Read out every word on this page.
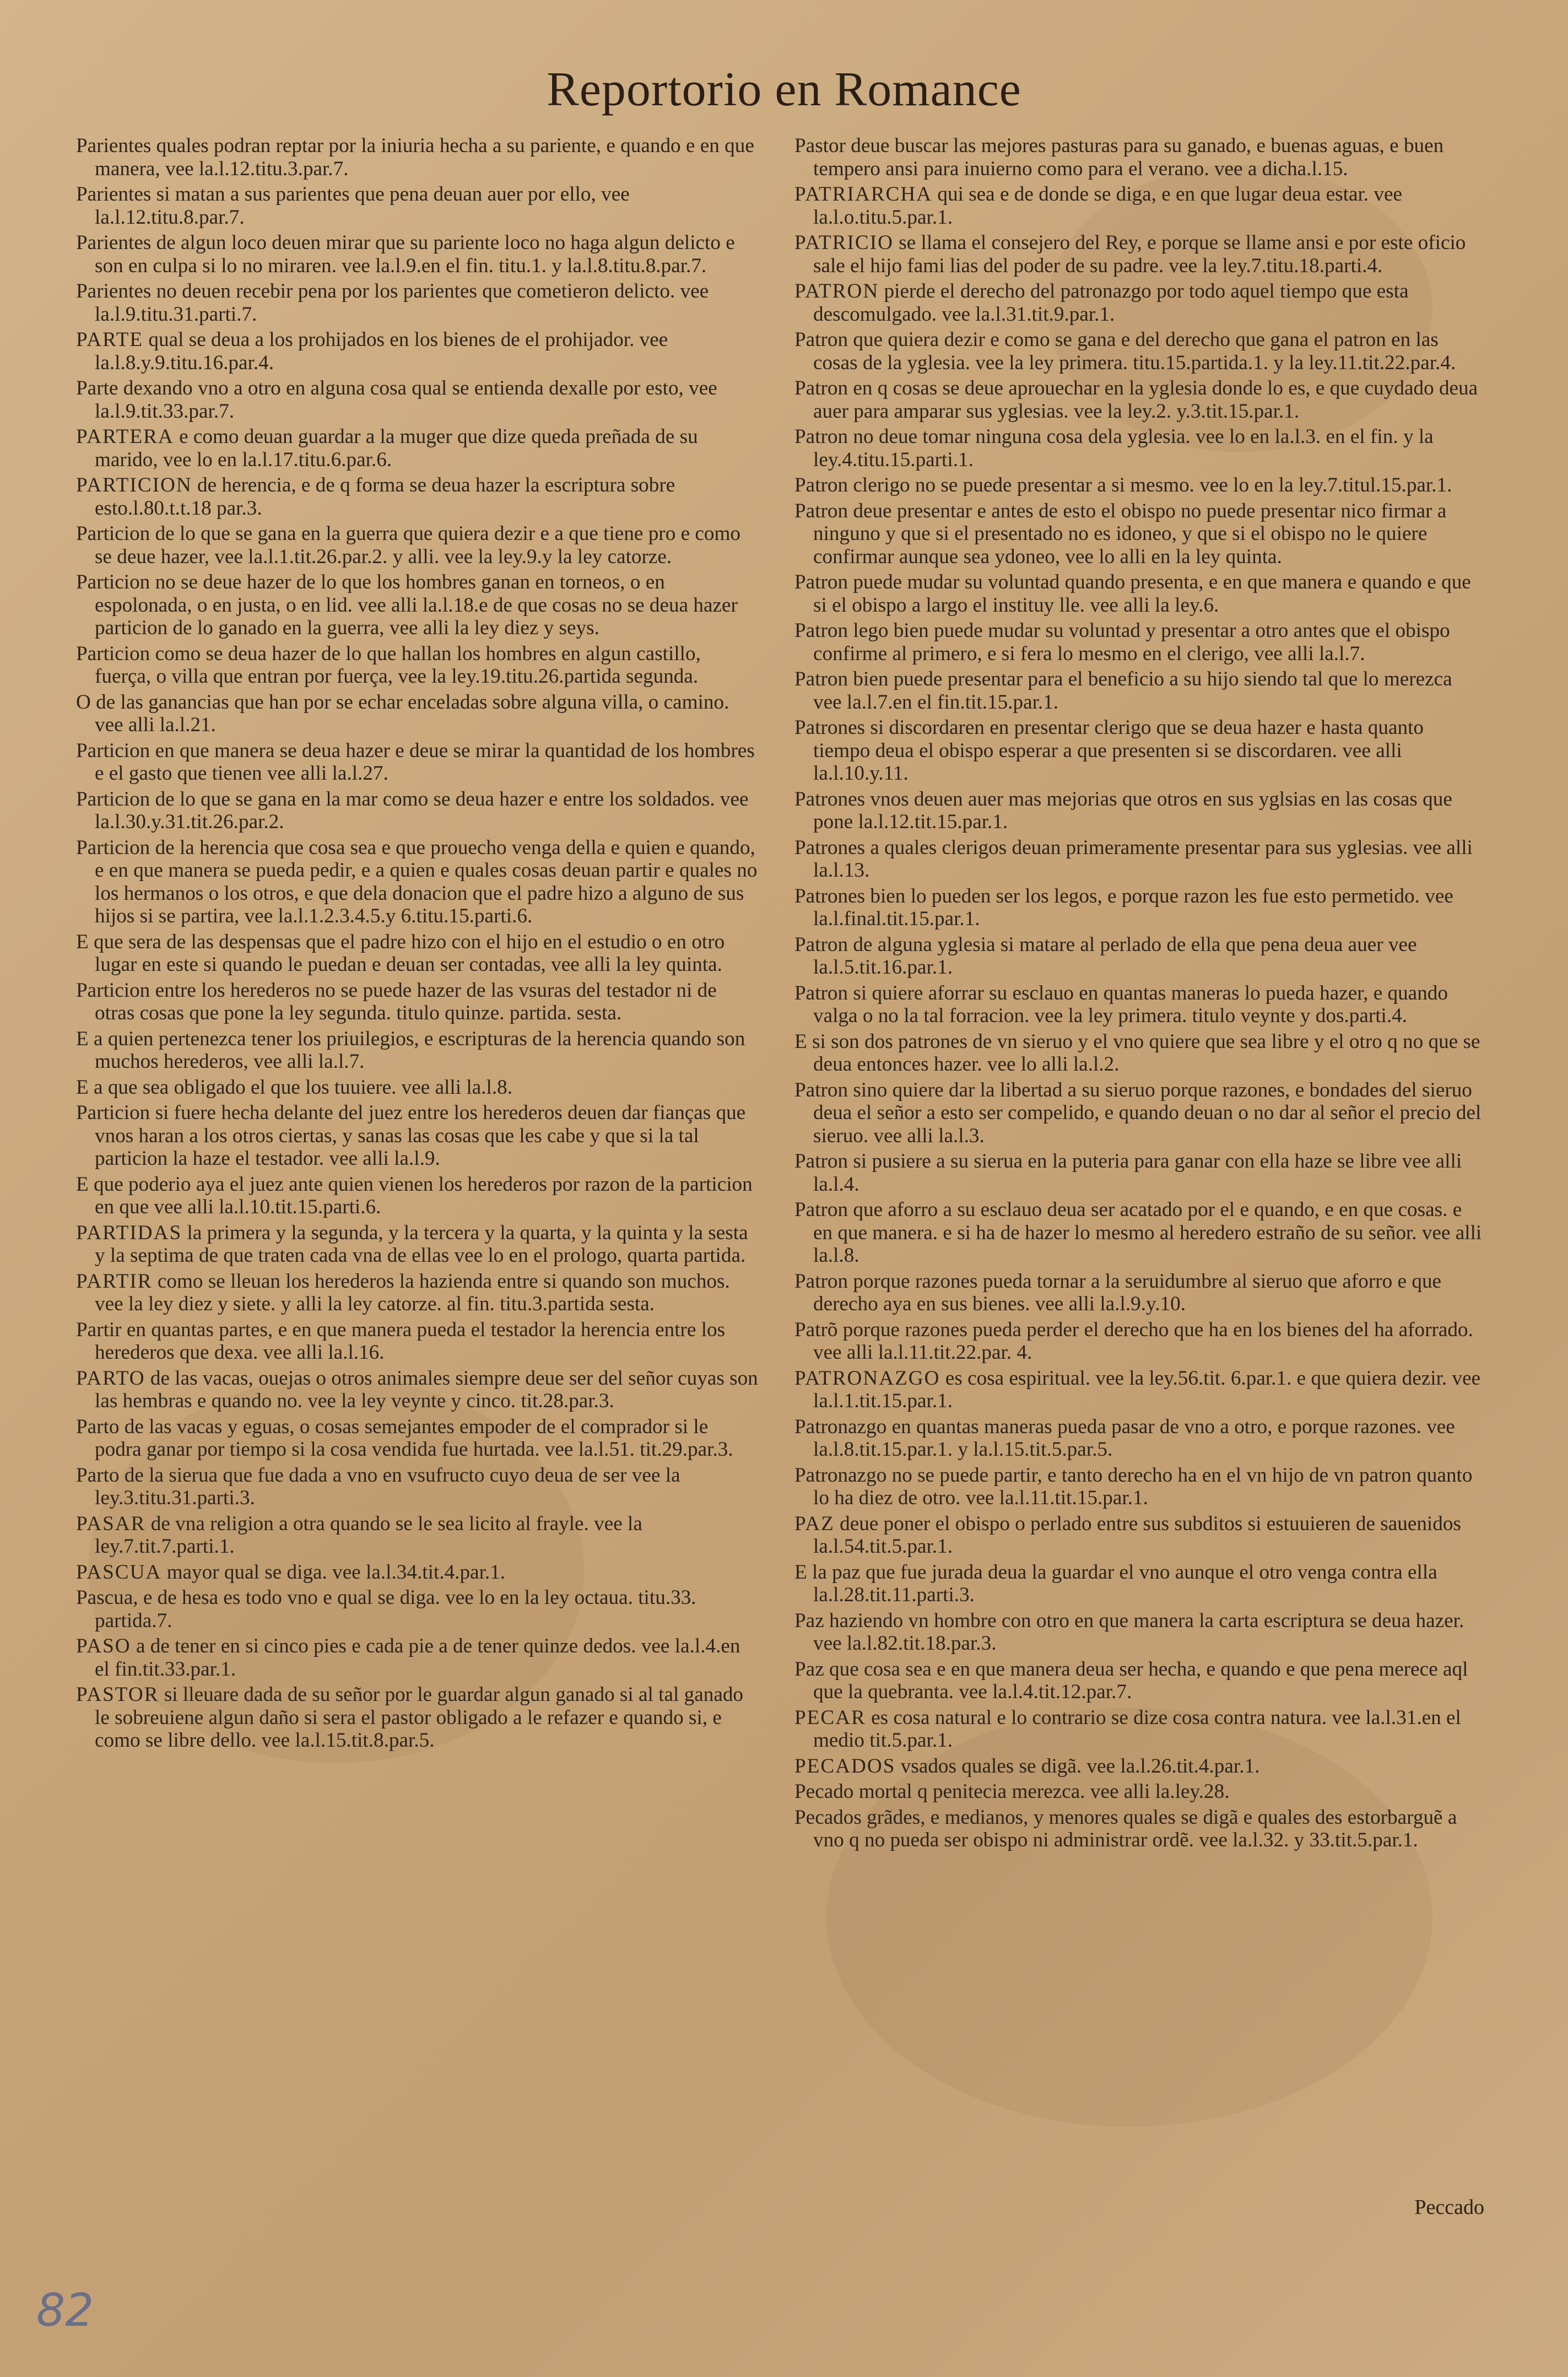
Reportorio en Romance

Parientes quales podran reptar por la iniuria hecha a su pariente, e quando e en que manera, vee la.l.12.titu.3.par.7.

Parientes si matan a sus parientes que pena deuan auer por ello, vee la.l.12.titu.8.par.7.

Parientes de algun loco deuen mirar que su pariente loco no haga algun delicto e son en culpa si lo no miraren. vee la.l.9.en el fin. titu.1. y la.l.8.titu.8.par.7.

Parientes no deuen recebir pena por los parientes que cometieron delicto. vee la.l.9.titu.31.parti.7.

PARTE qual se deua a los prohijados en los bienes de el prohijador. vee la.l.8.y.9.titu.16.par.4.

Parte dexando vno a otro en alguna cosa qual se entienda dexalle por esto, vee la.l.9.tit.33.par.7.

PARTERA e como deuan guardar a la muger que dize queda preñada de su marido, vee lo en la.l.17.titu.6.par.6.

PARTICION de herencia, e de q forma se deua hazer la escriptura sobre esto.l.80.t.t.18 par.3.

Particion de lo que se gana en la guerra que quiera dezir e a que tiene pro e como se deue hazer, vee la.l.1.tit.26.par.2. y alli. vee la ley.9.y la ley catorze.

Particion no se deue hazer de lo que los hombres ganan en torneos, o en espolonada, o en justa, o en lid. vee alli la.l.18.e de que cosas no se deua hazer particion de lo ganado en la guerra, vee alli la ley diez y seys.

Particion como se deua hazer de lo que hallan los hombres en algun castillo, fuerça, o villa que entran por fuerça, vee la ley.19.titu.26.partida segunda.

O de las ganancias que han por se echar enceladas sobre alguna villa, o camino. vee alli la.l.21.

Particion en que manera se deua hazer e deue se mirar la quantidad de los hombres e el gasto que tienen vee alli la.l.27.

Particion de lo que se gana en la mar como se deua hazer e entre los soldados. vee la.l.30.y.31.tit.26.par.2.

Particion de la herencia que cosa sea e que prouecho venga della e quien e quando, e en que manera se pueda pedir, e a quien e quales cosas deuan partir e quales no los hermanos o los otros, e que dela donacion que el padre hizo a alguno de sus hijos si se partira, vee la.l.1.2.3.4.5.y 6.titu.15.parti.6.

E que sera de las despensas que el padre hizo con el hijo en el estudio o en otro lugar en este si quando le puedan e deuan ser contadas, vee alli la ley quinta.

Particion entre los herederos no se puede hazer de las vsuras del testador ni de otras cosas que pone la ley segunda. titulo quinze. partida. sesta.

E a quien pertenezca tener los priuilegios, e escripturas de la herencia quando son muchos herederos, vee alli la.l.7.

E a que sea obligado el que los tuuiere. vee alli la.l.8.

Particion si fuere hecha delante del juez entre los herederos deuen dar fianças que vnos haran a los otros ciertas, y sanas las cosas que les cabe y que si la tal particion la haze el testador. vee alli la.l.9.

E que poderio aya el juez ante quien vienen los herederos por razon de la particion en que vee alli la.l.10.tit.15.parti.6.

PARTIDAS la primera y la segunda, y la tercera y la quarta, y la quinta y la sesta y la septima de que traten cada vna de ellas vee lo en el prologo, quarta partida.

PARTIR como se lleuan los herederos la hazienda entre si quando son muchos. vee la ley diez y siete. y alli la ley catorze. al fin. titu.3.partida sesta.

Partir en quantas partes, e en que manera pueda el testador la herencia entre los herederos que dexa. vee alli la.l.16.

PARTO de las vacas, ouejas o otros animales siempre deue ser del señor cuyas son las hembras e quando no. vee la ley veynte y cinco. tit.28.par.3.

Parto de las vacas y eguas, o cosas semejantes empoder de el comprador si le podra ganar por tiempo si la cosa vendida fue hurtada. vee la.l.51. tit.29.par.3.

Parto de la sierua que fue dada a vno en vsufructo cuyo deua de ser vee la ley.3.titu.31.parti.3.

PASAR de vna religion a otra quando se le sea licito al frayle. vee la ley.7.tit.7.parti.1.

PASCUA mayor qual se diga. vee la.l.34.tit.4.par.1.

Pascua, e de hesa es todo vno e qual se diga. vee lo en la ley octaua. titu.33. partida.7.

PASO a de tener en si cinco pies e cada pie a de tener quinze dedos. vee la.l.4.en el fin.tit.33.par.1.

PASTOR si lleuare dada de su señor por le guardar algun ganado si al tal ganado le sobreuiene algun daño si sera el pastor obligado a le refazer e quando si, e como se libre dello. vee la.l.15.tit.8.par.5.

Pastor deue buscar las mejores pasturas para su ganado, e buenas aguas, e buen tempero ansi para inuierno como para el verano. vee a dicha.l.15.

PATRIARCHA qui sea e de donde se diga, e en que lugar deua estar. vee la.l.o.titu.5.par.1.

PATRICIO se llama el consejero del Rey, e porque se llame ansi e por este oficio sale el hijo fami lias del poder de su padre. vee la ley.7.titu.18.parti.4.

PATRON pierde el derecho del patronazgo por todo aquel tiempo que esta descomulgado. vee la.l.31.tit.9.par.1.

Patron que quiera dezir e como se gana e del derecho que gana el patron en las cosas de la yglesia. vee la ley primera. titu.15.partida.1. y la ley.11.tit.22.par.4.

Patron en q cosas se deue aprouechar en la yglesia donde lo es, e que cuydado deua auer para amparar sus yglesias. vee la ley.2. y.3.tit.15.par.1.

Patron no deue tomar ninguna cosa dela yglesia. vee lo en la.l.3. en el fin. y la ley.4.titu.15.parti.1.

Patron clerigo no se puede presentar a si mesmo. vee lo en la ley.7.titul.15.par.1.

Patron deue presentar e antes de esto el obispo no puede presentar nico firmar a ninguno y que si el presentado no es idoneo, y que si el obispo no le quiere confirmar aunque sea ydoneo, vee lo alli en la ley quinta.

Patron puede mudar su voluntad quando presenta, e en que manera e quando e que si el obispo a largo el instituy lle. vee alli la ley.6.

Patron lego bien puede mudar su voluntad y presentar a otro antes que el obispo confirme al primero, e si fera lo mesmo en el clerigo, vee alli la.l.7.

Patron bien puede presentar para el beneficio a su hijo siendo tal que lo merezca vee la.l.7.en el fin.tit.15.par.1.

Patrones si discordaren en presentar clerigo que se deua hazer e hasta quanto tiempo deua el obispo esperar a que presenten si se discordaren. vee alli la.l.10.y.11.

Patrones vnos deuen auer mas mejorias que otros en sus yglsias en las cosas que pone la.l.12.tit.15.par.1.

Patrones a quales clerigos deuan primeramente presentar para sus yglesias. vee alli la.l.13.

Patrones bien lo pueden ser los legos, e porque razon les fue esto permetido. vee la.l.final.tit.15.par.1.

Patron de alguna yglesia si matare al perlado de ella que pena deua auer vee la.l.5.tit.16.par.1.

Patron si quiere aforrar su esclauo en quantas maneras lo pueda hazer, e quando valga o no la tal forracion. vee la ley primera. titulo veynte y dos.parti.4.

E si son dos patrones de vn sieruo y el vno quiere que sea libre y el otro q no que se deua entonces hazer. vee lo alli la.l.2.

Patron sino quiere dar la libertad a su sieruo porque razones, e bondades del sieruo deua el señor a esto ser compelido, e quando deuan o no dar al señor el precio del sieruo. vee alli la.l.3.

Patron si pusiere a su sierua en la puteria para ganar con ella haze se libre vee alli la.l.4.

Patron que aforro a su esclauo deua ser acatado por el e quando, e en que cosas. e en que manera. e si ha de hazer lo mesmo al heredero estraño de su señor. vee alli la.l.8.

Patron porque razones pueda tornar a la seruidumbre al sieruo que aforro e que derecho aya en sus bienes. vee alli la.l.9.y.10.

Patrõ porque razones pueda perder el derecho que ha en los bienes del ha aforrado. vee alli la.l.11.tit.22.par. 4.

PATRONAZGO es cosa espiritual. vee la ley.56.tit. 6.par.1. e que quiera dezir. vee la.l.1.tit.15.par.1.

Patronazgo en quantas maneras pueda pasar de vno a otro, e porque razones. vee la.l.8.tit.15.par.1. y la.l.15.tit.5.par.5.

Patronazgo no se puede partir, e tanto derecho ha en el vn hijo de vn patron quanto lo ha diez de otro. vee la.l.11.tit.15.par.1.

PAZ deue poner el obispo o perlado entre sus subditos si estuuieren de sauenidos la.l.54.tit.5.par.1.

E la paz que fue jurada deua la guardar el vno aunque el otro venga contra ella la.l.28.tit.11.parti.3.

Paz haziendo vn hombre con otro en que manera la carta escriptura se deua hazer. vee la.l.82.tit.18.par.3.

Paz que cosa sea e en que manera deua ser hecha, e quando e que pena merece aql que la quebranta. vee la.l.4.tit.12.par.7.

PECAR es cosa natural e lo contrario se dize cosa contra natura. vee la.l.31.en el medio tit.5.par.1.

PECADOS vsados quales se digã. vee la.l.26.tit.4.par.1.

Pecado mortal q penitecia merezca. vee alli la.ley.28.

Pecados grãdes, e medianos, y menores quales se digã e quales des estorbarguẽ a vno q no pueda ser obispo ni administrar ordẽ. vee la.l.32. y 33.tit.5.par.1.

Peccado
82
